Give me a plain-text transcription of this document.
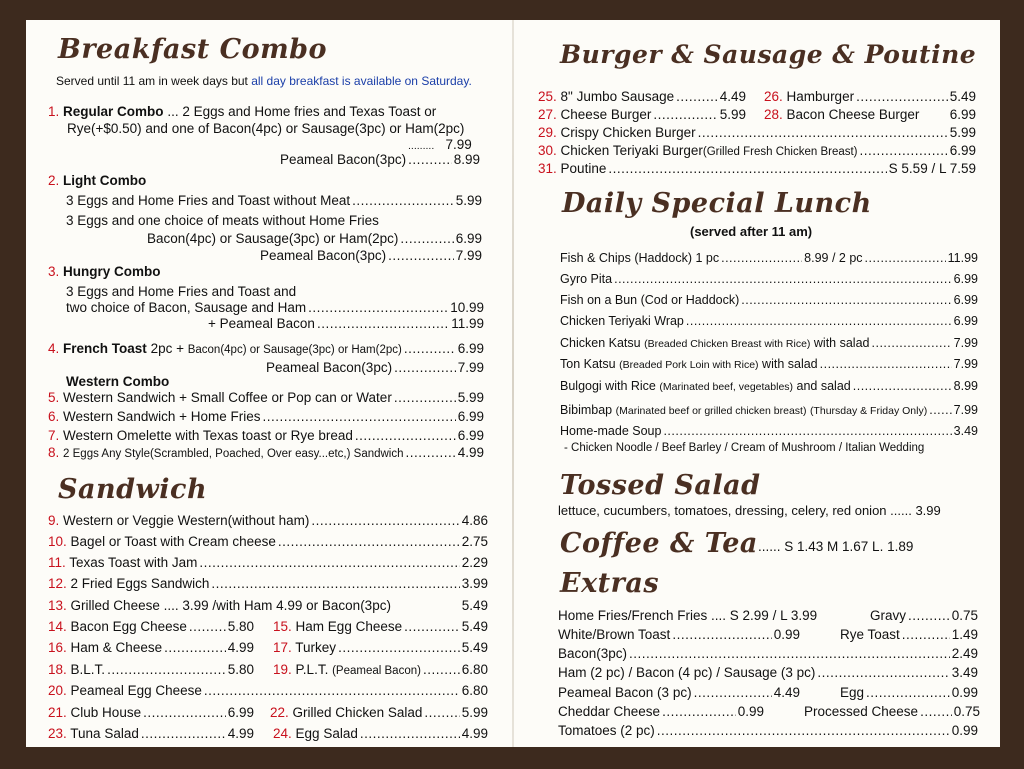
Breakfast Combo
Served until 11 am in week days but all day breakfast is available on Saturday.
1. Regular Combo ... 2 Eggs and Home fries and Texas Toast or
Rye(+$0.50) and one of Bacon(4pc) or Sausage(3pc) or Ham(2pc)
......... 7.99
Peameal Bacon(3pc) .....	8.99
2. Light Combo
3 Eggs and Home Fries and Toast without Meat .....	5.99
3 Eggs and one choice of meats without Home Fries
Bacon(4pc) or Sausage(3pc) or Ham(2pc) .....	6.99
Peameal Bacon(3pc) .....	7.99
3. Hungry Combo
3 Eggs and Home Fries and Toast and
two choice of Bacon, Sausage and Ham .....	10.99
+ Peameal Bacon .....	11.99
4. French Toast 2pc + Bacon(4pc) or Sausage(3pc) or Ham(2pc) .....	6.99
Peameal Bacon(3pc) .....	7.99
Western Combo
5. Western Sandwich + Small Coffee or Pop can or Water .....	5.99
6. Western Sandwich + Home Fries .....	6.99
7. Western Omelette with Texas toast or Rye bread .....	6.99
8. 2 Eggs Any Style(Scrambled, Poached, Over easy...etc,) Sandwich .....	4.99
Sandwich
9. Western or Veggie Western(without ham) .....	4.86
10. Bagel or Toast with Cream cheese .....	2.75
11. Texas Toast with Jam .....	2.29
12. 2 Fried Eggs Sandwich .....	3.99
13. Grilled Cheese .... 3.99 /with Ham 4.99 or Bacon(3pc)	5.49
14. Bacon Egg Cheese .....	5.80 15. Ham Egg Cheese .....	5.49
16. Ham & Cheese .....	4.99 17. Turkey .....	5.49
18. B.L.T. .....	5.80 19. P.L.T. (Peameal Bacon) .....	6.80
20. Peameal Egg Cheese .....	6.80
21. Club House .....	6.99 22. Grilled Chicken Salad .....	5.99
23. Tuna Salad .....	4.99 24. Egg Salad .....	4.99
Burger & Sausage & Poutine
25. 8" Jumbo Sausage .....	4.49 26. Hamburger .....	5.49
27. Cheese Burger .....	5.99 28. Bacon Cheese Burger 6.99
29. Crispy Chicken Burger .....	5.99
30. Chicken Teriyaki Burger(Grilled Fresh Chicken Breast) .....	6.99
31. Poutine .....	S 5.59 / L 7.59
Daily Special Lunch
(served after 11 am)
Fish & Chips (Haddock) 1 pc .....	8.99 / 2 pc .....	11.99
Gyro Pita .....	6.99
Fish on a Bun (Cod or Haddock) .....	6.99
Chicken Teriyaki Wrap .....	6.99
Chicken Katsu (Breaded Chicken Breast with Rice) with salad .....	7.99
Ton Katsu (Breaded Pork Loin with Rice) with salad .....	7.99
Bulgogi with Rice (Marinated beef, vegetables) and salad .....	8.99
Bibimbap (Marinated beef or grilled chicken breast) (Thursday & Friday Only) ..... 7.99
Home-made Soup .....	3.49
- Chicken Noodle / Beef Barley / Cream of Mushroom / Italian Wedding
Tossed Salad
lettuce, cucumbers, tomatoes, dressing, celery, red onion ...... 3.99
Coffee & Tea ...... S 1.43 M 1.67 L. 1.89
Extras
Home Fries/French Fries .... S 2.99 / L 3.99	Gravy .....	0.75
White/Brown Toast .....	0.99	Rye Toast .....	1.49
Bacon(3pc) .....	2.49
Ham (2 pc) / Bacon (4 pc) / Sausage (3 pc) .....	3.49
Peameal Bacon (3 pc) .....	4.49	Egg .....	0.99
Cheddar Cheese .....	0.99	Processed Cheese .....	0.75
Tomatoes (2 pc) .....	0.99
